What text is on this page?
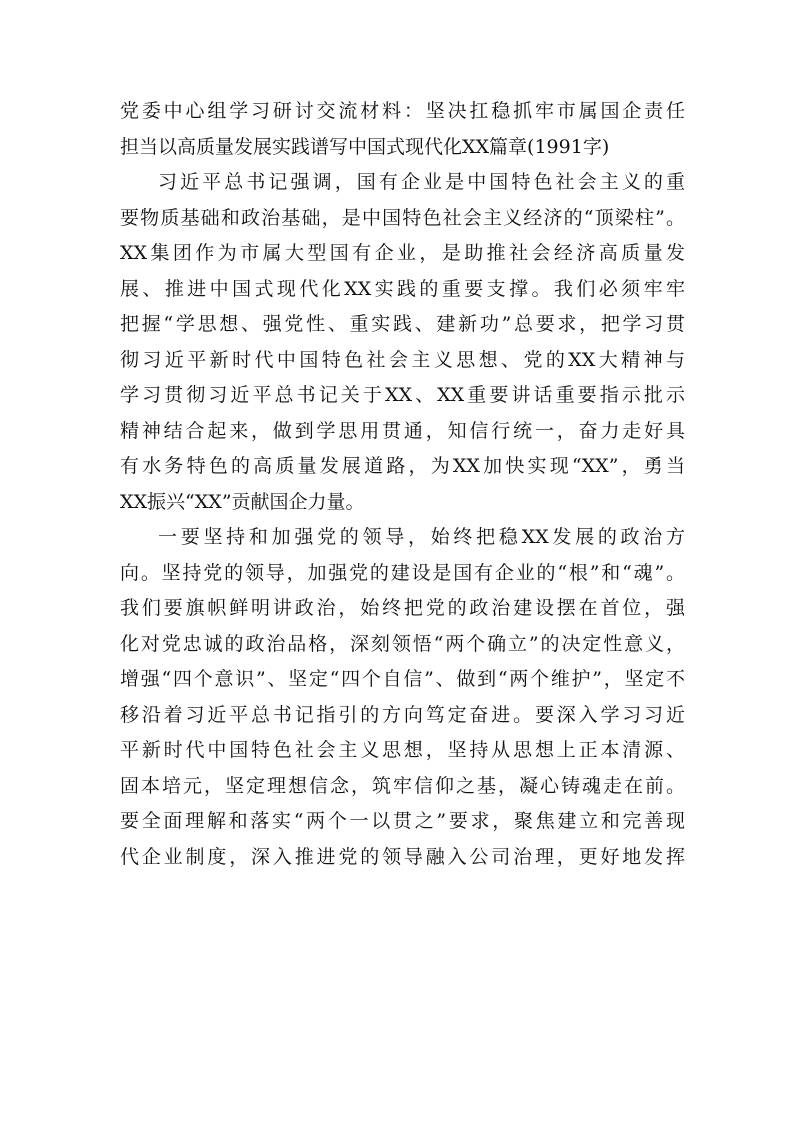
党委中心组学习研讨交流材料：坚决扛稳抓牢市属国企责任
担当以高质量发展实践谱写中国式现代化XX篇章(1991字)
习近平总书记强调，国有企业是中国特色社会主义的重
要物质基础和政治基础，是中国特色社会主义经济的“顶梁柱”。
XX集团作为市属大型国有企业，是助推社会经济高质量发
展、推进中国式现代化XX实践的重要支撑。我们必须牢牢
把握“学思想、强党性、重实践、建新功”总要求，把学习贯
彻习近平新时代中国特色社会主义思想、党的XX大精神与
学习贯彻习近平总书记关于XX、XX重要讲话重要指示批示
精神结合起来，做到学思用贯通，知信行统一，奋力走好具
有水务特色的高质量发展道路，为XX加快实现“XX”，勇当
XX振兴“XX”贡献国企力量。
一要坚持和加强党的领导，始终把稳XX发展的政治方
向。坚持党的领导，加强党的建设是国有企业的“根”和“魂”。
我们要旗帜鲜明讲政治，始终把党的政治建设摆在首位，强
化对党忠诚的政治品格，深刻领悟“两个确立”的决定性意义，
增强“四个意识”、坚定“四个自信”、做到“两个维护”，坚定不
移沿着习近平总书记指引的方向笃定奋进。要深入学习习近
平新时代中国特色社会主义思想，坚持从思想上正本清源、
固本培元，坚定理想信念，筑牢信仰之基，凝心铸魂走在前。
要全面理解和落实“两个一以贯之”要求，聚焦建立和完善现
代企业制度，深入推进党的领导融入公司治理，更好地发挥
